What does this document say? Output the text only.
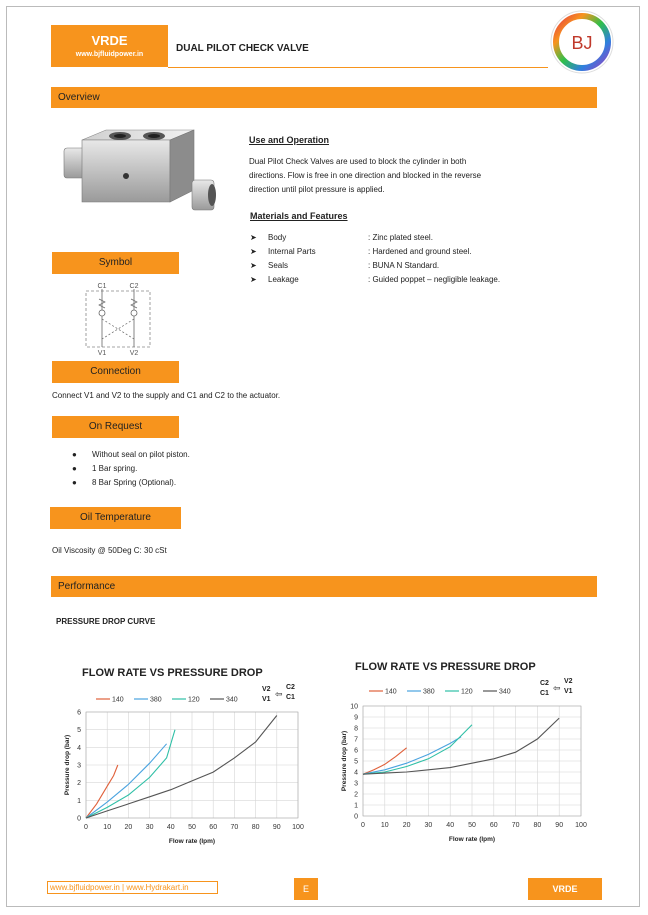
VRDE
www.bjfluidpower.in
DUAL PILOT CHECK VALVE	BJ
Overview
Use and Operation
Dual Pilot Check Valves are used to block the cylinder in both
directions. Flow is free in one direction and blocked in the reverse
direction until pilot pressure is applied.
Materials and Features
➤ Body	: Zinc plated steel.
➤ Internal Parts	: Hardened and ground steel.
➤ Seals	: BUNA N Standard.
➤ Leakage	: Guided poppet – negligible leakage.
Symbol
C1	C2
V1	V2
Connection
Connect V1 and V2 to the supply and C1 and C2 to the actuator.
On Request
● Without seal on pilot piston.
● 1 Bar spring.
● 8 Bar Spring (Optional).
Oil Temperature
Oil Viscosity @ 50Deg C: 30 cSt
Performance
PRESSURE DROP CURVE
FLOW RATE VS PRESSURE DROP
0
1
2
3
4
5
6
0 10 20 30 40 50 60 70 80 90 100
Flow rate (lpm)
Pressure drop (bar)
140	380	120	340
V2
V1
⇦
C2
C1
FLOW RATE VS PRESSURE DROP
0
1
2
3
4
5
6
7
8
9
10
0 10 20 30 40 50 60 70 80 90 100
Flow rate (lpm)
Pressure drop (bar)
140	380	120	340
C2
C1
⇦
V2
V1
www.bjfluidpower.in | www.Hydrakart.in	E	VRDE
